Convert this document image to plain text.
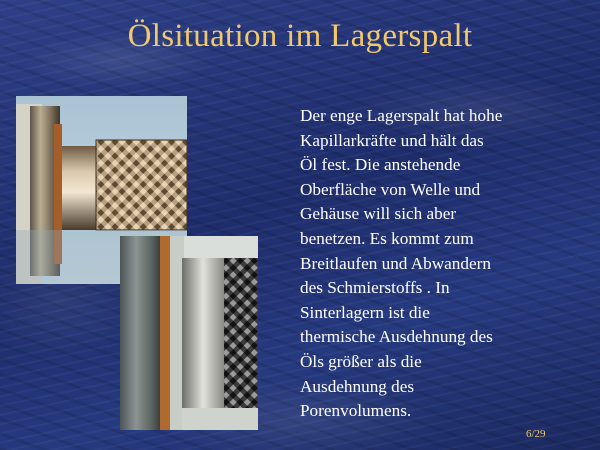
Ölsituation im Lagerspalt

Der enge Lagerspalt hat hohe
Kapillarkräfte und hält das
Öl fest. Die anstehende
Oberfläche von Welle und
Gehäuse will sich aber
benetzen. Es kommt zum
Breitlaufen und Abwandern
des Schmierstoffs . In
Sinterlagern ist die
thermische Ausdehnung des
Öls größer als die
Ausdehnung des
Porenvolumens.

6/29
